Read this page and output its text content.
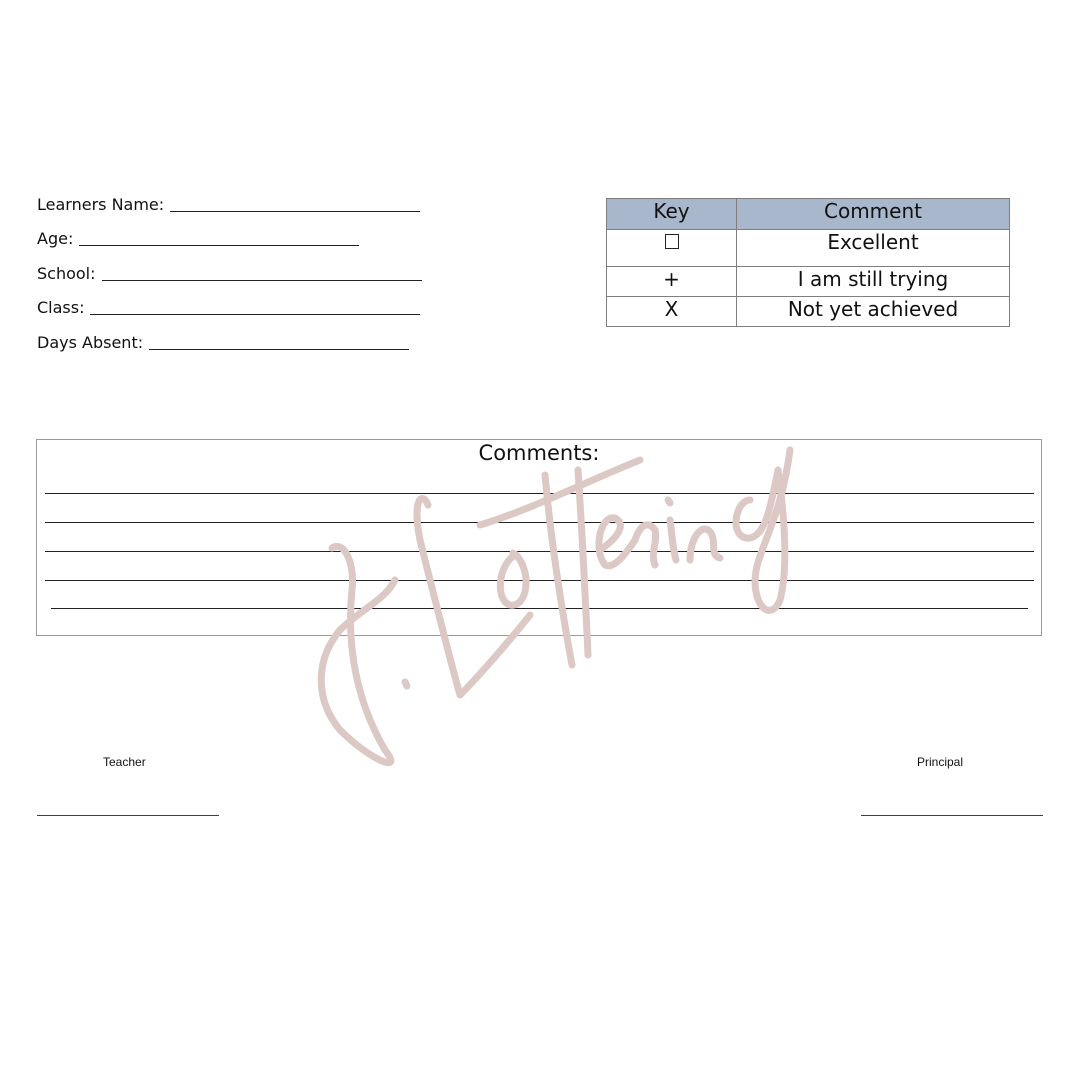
Learners Name:
Age:
School:
Class:
Days Absent:
Key	Comment
	Excellent
+	I am still trying
X	Not yet achieved
Comments:
Teacher	Principal
